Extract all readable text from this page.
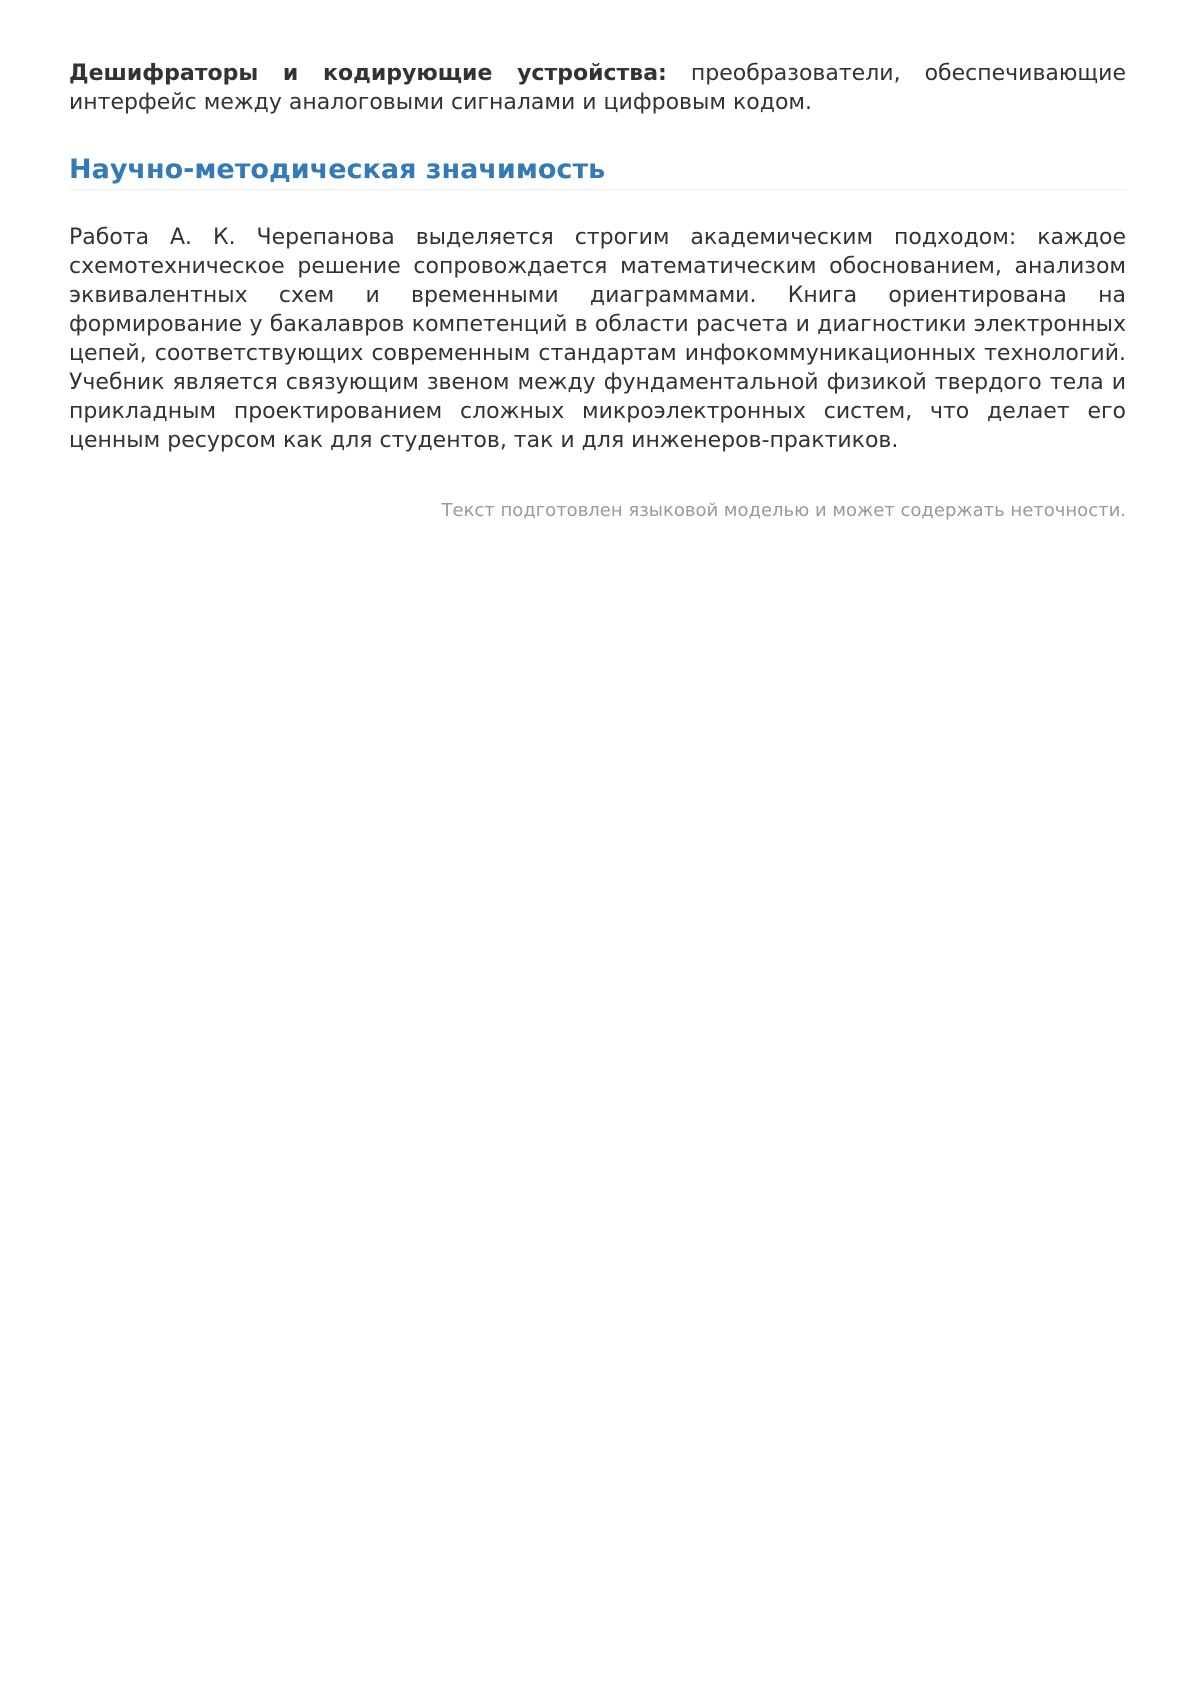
Дешифраторы и кодирующие устройства: преобразователи, обеспечивающие интерфейс между аналоговыми сигналами и цифровым кодом.

Научно-методическая значимость

Работа А. К. Черепанова выделяется строгим академическим подходом: каждое схемотехническое решение сопровождается математическим обоснованием, анализом эквивалентных схем и временными диаграммами. Книга ориентирована на формирование у бакалавров компетенций в области расчета и диагностики электронных цепей, соответствующих современным стандартам инфокоммуникационных технологий. Учебник является связующим звеном между фундаментальной физикой твердого тела и прикладным проектированием сложных микроэлектронных систем, что делает его ценным ресурсом как для студентов, так и для инженеров-практиков.

Текст подготовлен языковой моделью и может содержать неточности.
